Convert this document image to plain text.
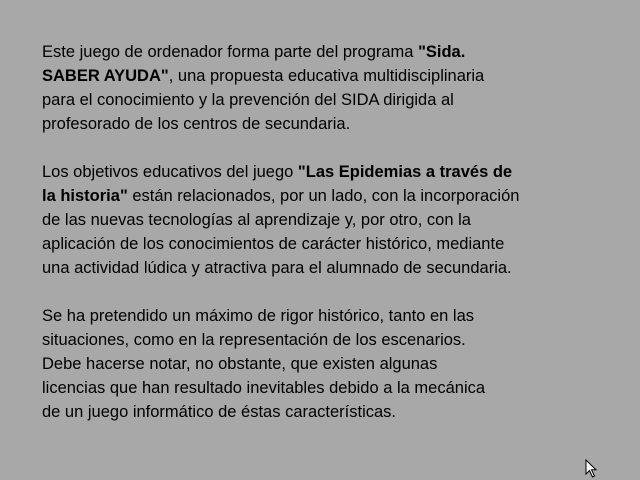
Este juego de ordenador forma parte del programa "Sida.
SABER AYUDA", una propuesta educativa multidisciplinaria
para el conocimiento y la prevención del SIDA dirigida al
profesorado de los centros de secundaria.
Los objetivos educativos del juego "Las Epidemias a través de
la historia" están relacionados, por un lado, con la incorporación
de las nuevas tecnologías al aprendizaje y, por otro, con la
aplicación de los conocimientos de carácter histórico, mediante
una actividad lúdica y atractiva para el alumnado de secundaria.
Se ha pretendido un máximo de rigor histórico, tanto en las
situaciones, como en la representación de los escenarios.
Debe hacerse notar, no obstante, que existen algunas
licencias que han resultado inevitables debido a la mecánica
de un juego informático de éstas características.
